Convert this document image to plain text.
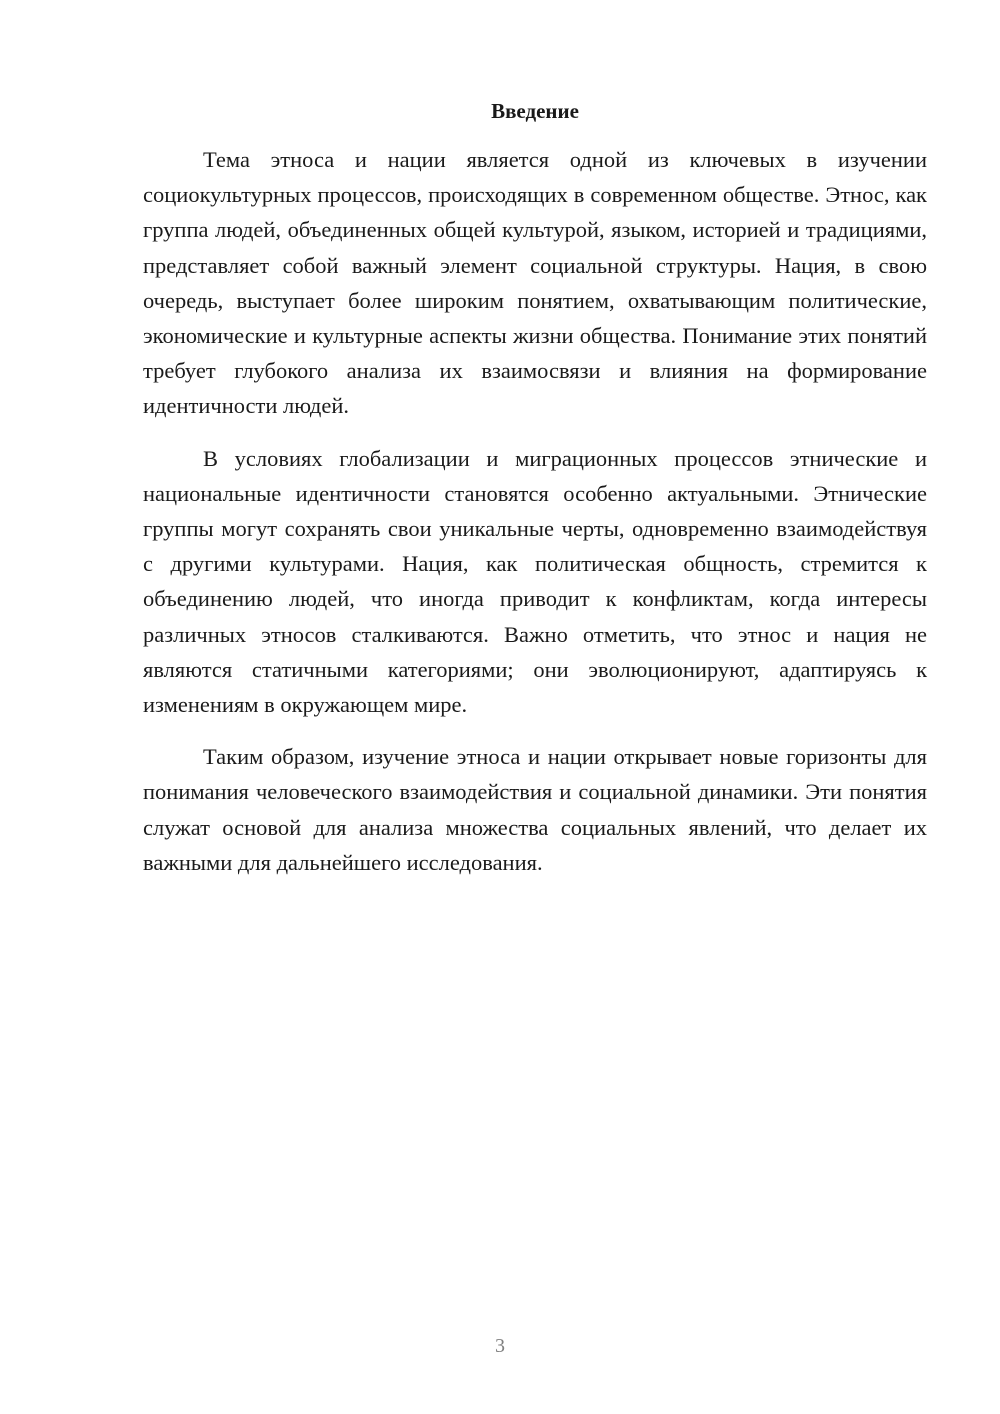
Введение

Тема этноса и нации является одной из ключевых в изучении социокультурных процессов, происходящих в современном обществе. Этнос, как группа людей, объединенных общей культурой, языком, историей и традициями, представляет собой важный элемент социальной структуры. Нация, в свою очередь, выступает более широким понятием, охватывающим политические, экономические и культурные аспекты жизни общества. Понимание этих понятий требует глубокого анализа их взаимосвязи и влияния на формирование идентичности людей.

В условиях глобализации и миграционных процессов этнические и национальные идентичности становятся особенно актуальными. Этнические группы могут сохранять свои уникальные черты, одновременно взаимодействуя с другими культурами. Нация, как политическая общность, стремится к объединению людей, что иногда приводит к конфликтам, когда интересы различных этносов сталкиваются. Важно отметить, что этнос и нация не являются статичными категориями; они эволюционируют, адаптируясь к изменениям в окружающем мире.

Таким образом, изучение этноса и нации открывает новые горизонты для понимания человеческого взаимодействия и социальной динамики. Эти понятия служат основой для анализа множества социальных явлений, что делает их важными для дальнейшего исследования.

3
